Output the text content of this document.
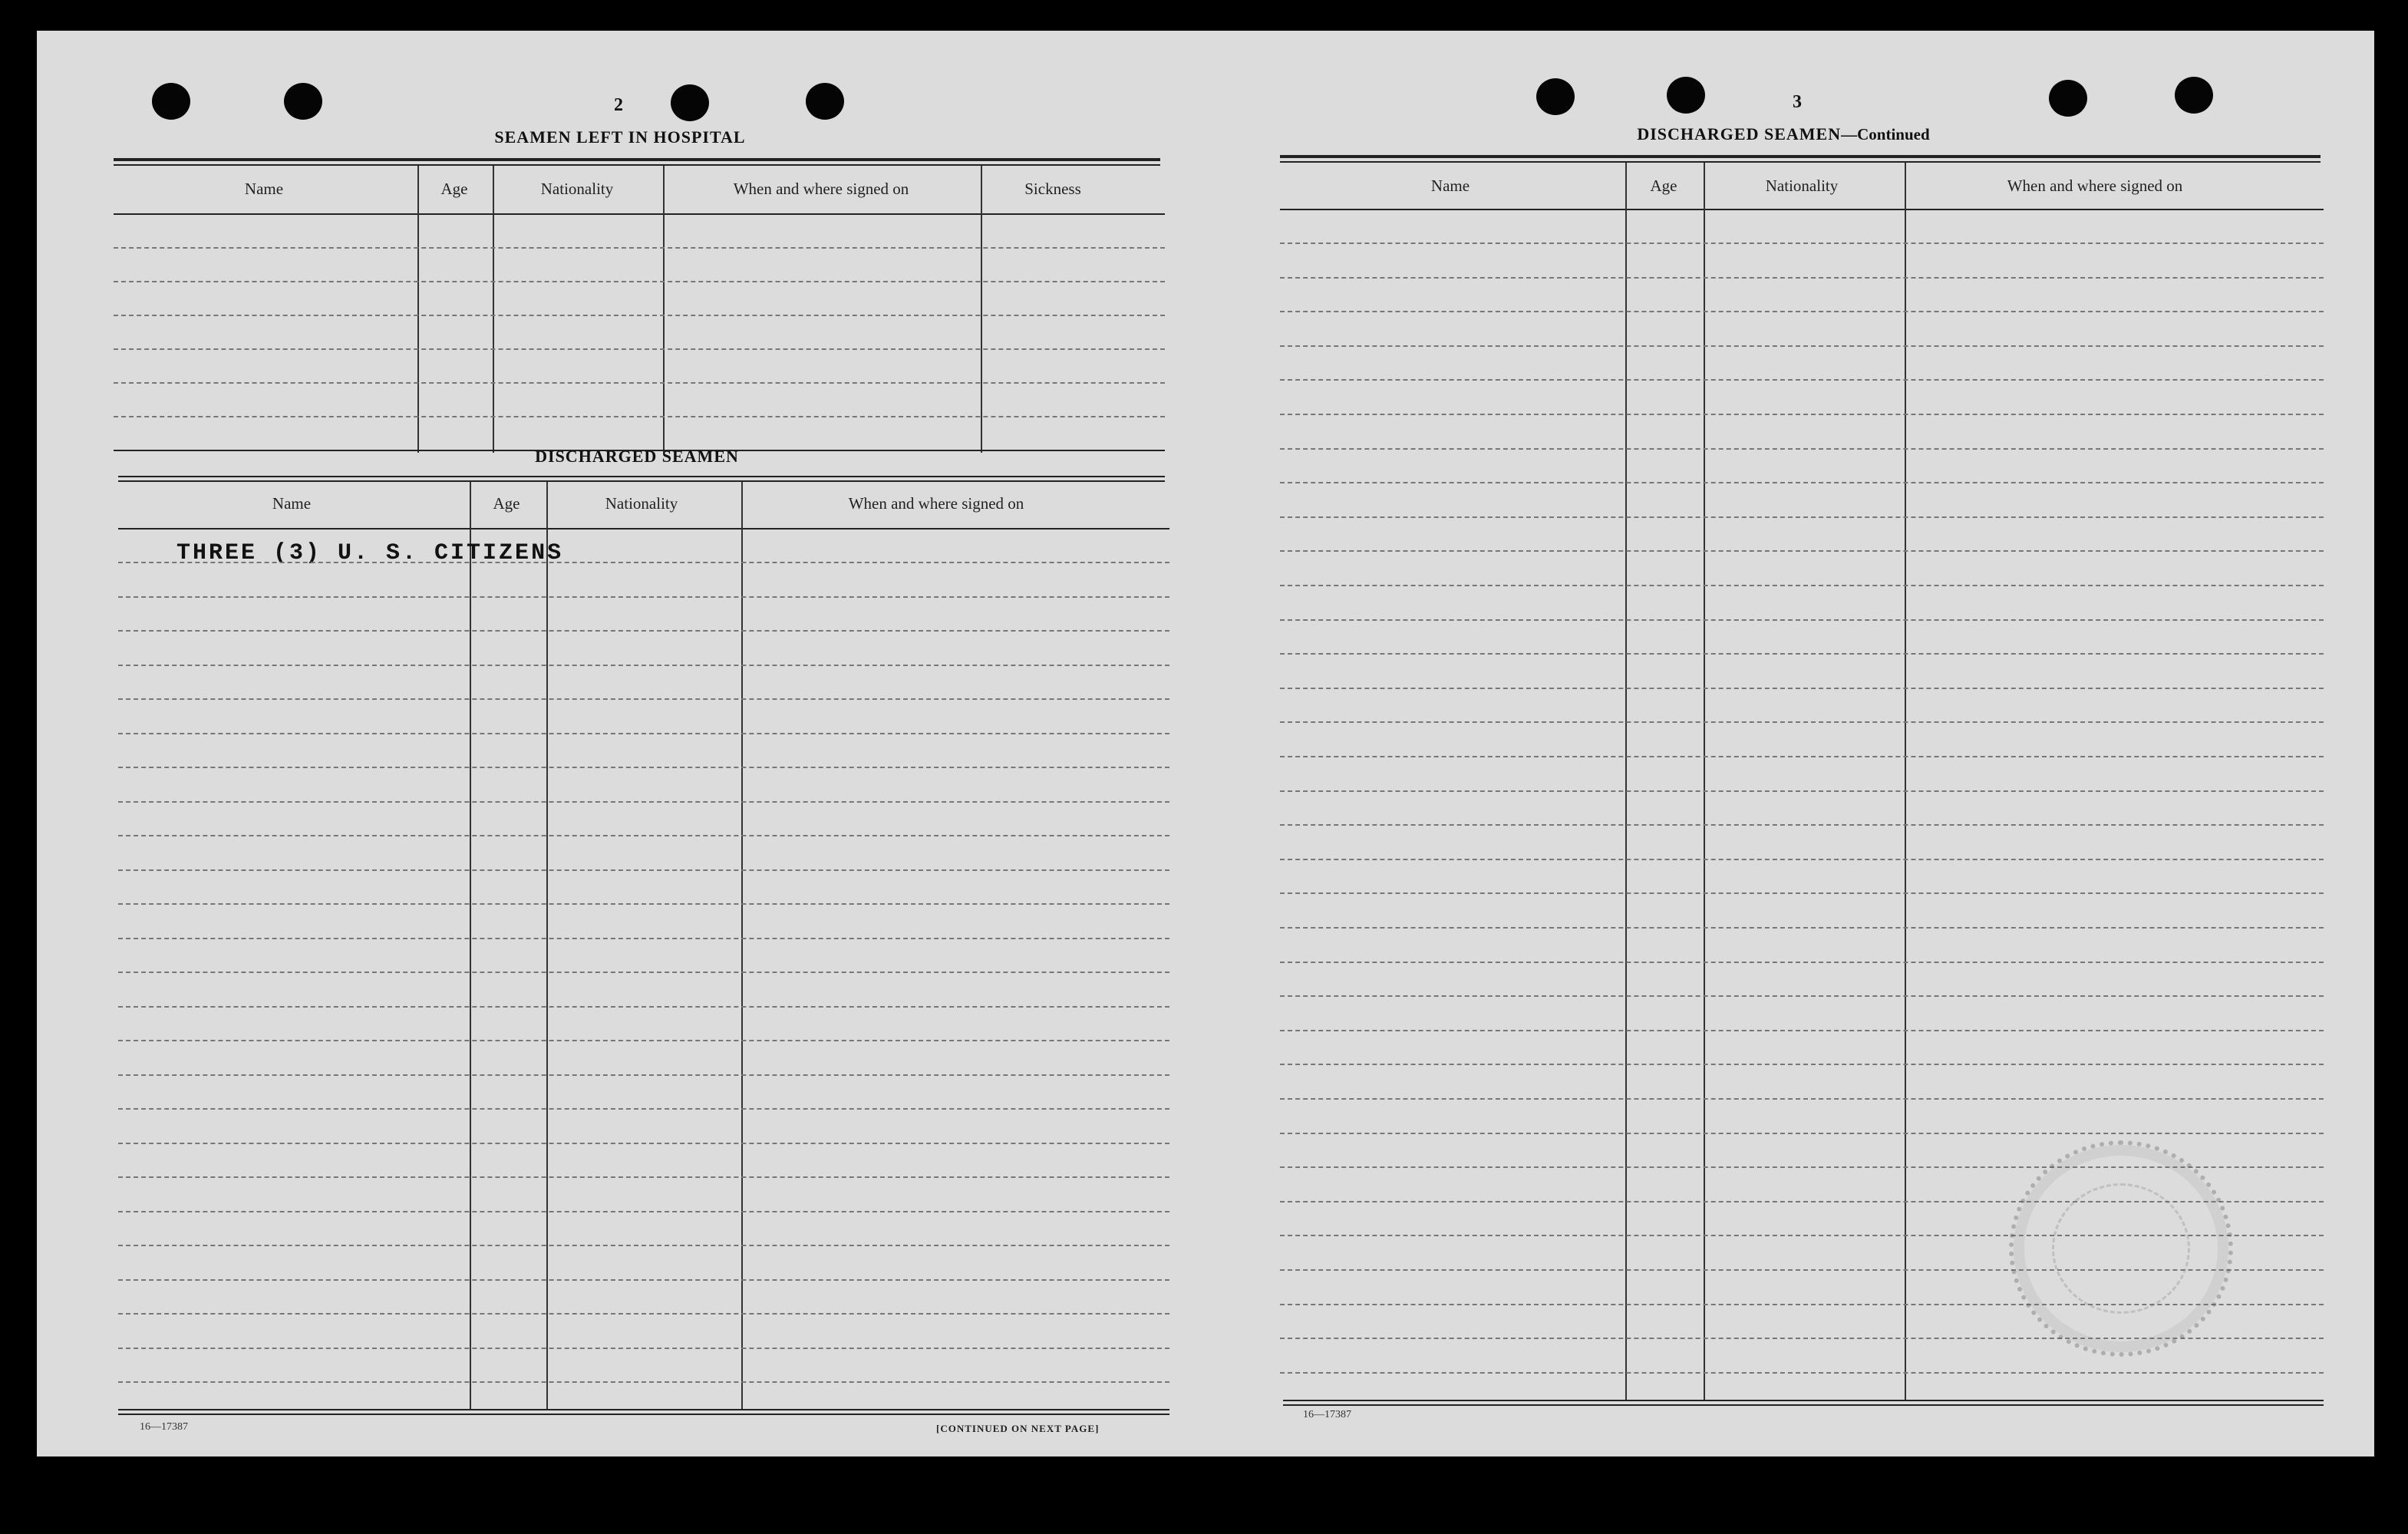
2
SEAMEN LEFT IN HOSPITAL
Name	Age	Nationality	When and where signed on	Sickness
DISCHARGED SEAMEN
Name	Age	Nationality	When and where signed on
THREE (3) U. S. CITIZENS
16—17387	[CONTINUED ON NEXT PAGE]
3
DISCHARGED SEAMEN—Continued
Name	Age	Nationality	When and where signed on
16—17387
